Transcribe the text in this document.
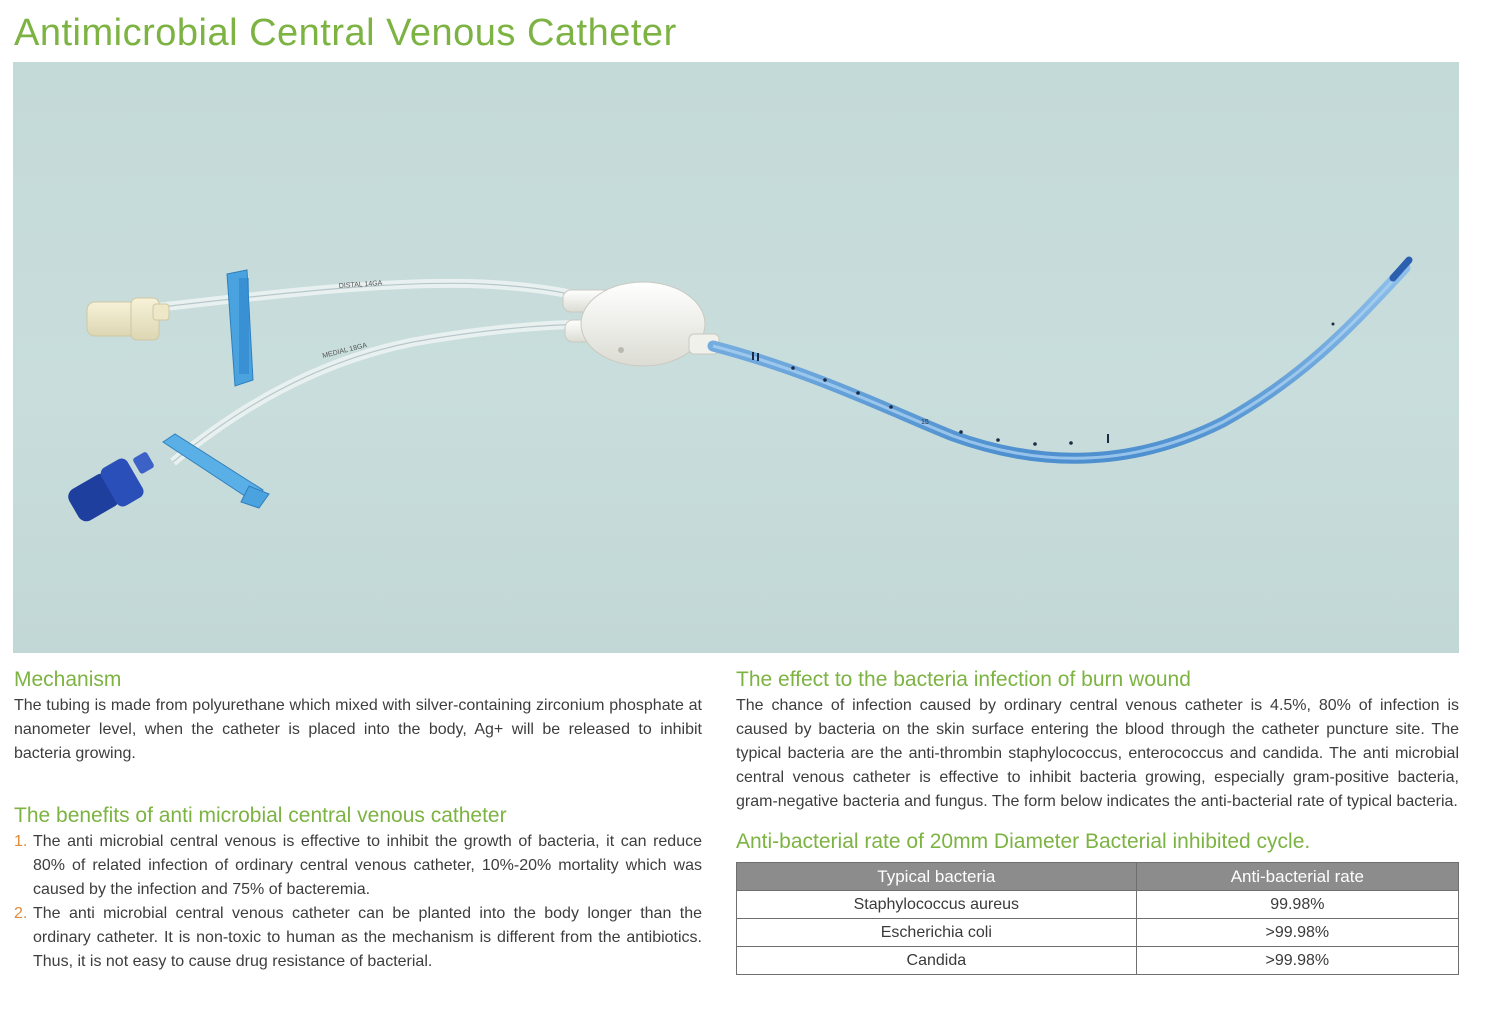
Antimicrobial Central Venous Catheter
DISTAL 14GA
MEDIAL 18GA
15
Mechanism

The tubing is made from polyurethane which mixed with silver-containing zirconium phosphate at nanometer level, when the catheter is placed into the body, Ag+ will be released to inhibit bacteria growing.

The benefits of anti microbial central venous catheter
1. The anti microbial central venous is effective to inhibit the growth of bacteria, it can reduce 80% of related infection of ordinary central venous catheter, 10%-20% mortality which was caused by the infection and 75% of bacteremia.
2. The anti microbial central venous catheter can be planted into the body longer than the ordinary catheter. It is non-toxic to human as the mechanism is different from the antibiotics. Thus, it is not easy to cause drug resistance of bacterial.
The effect to the bacteria infection of burn wound

The chance of infection caused by ordinary central venous catheter is 4.5%, 80% of infection is caused by bacteria on the skin surface entering the blood through the catheter puncture site. The typical bacteria are the anti-thrombin staphylococcus, enterococcus and candida. The anti microbial central venous catheter is effective to inhibit bacteria growing, especially gram-positive bacteria, gram-negative bacteria and fungus. The form below indicates the anti-bacterial rate of typical bacteria.

Anti-bacterial rate of 20mm Diameter Bacterial inhibited cycle.
Typical bacteria	Anti-bacterial rate
Staphylococcus aureus	99.98%
Escherichia coli	>99.98%
Candida	>99.98%
